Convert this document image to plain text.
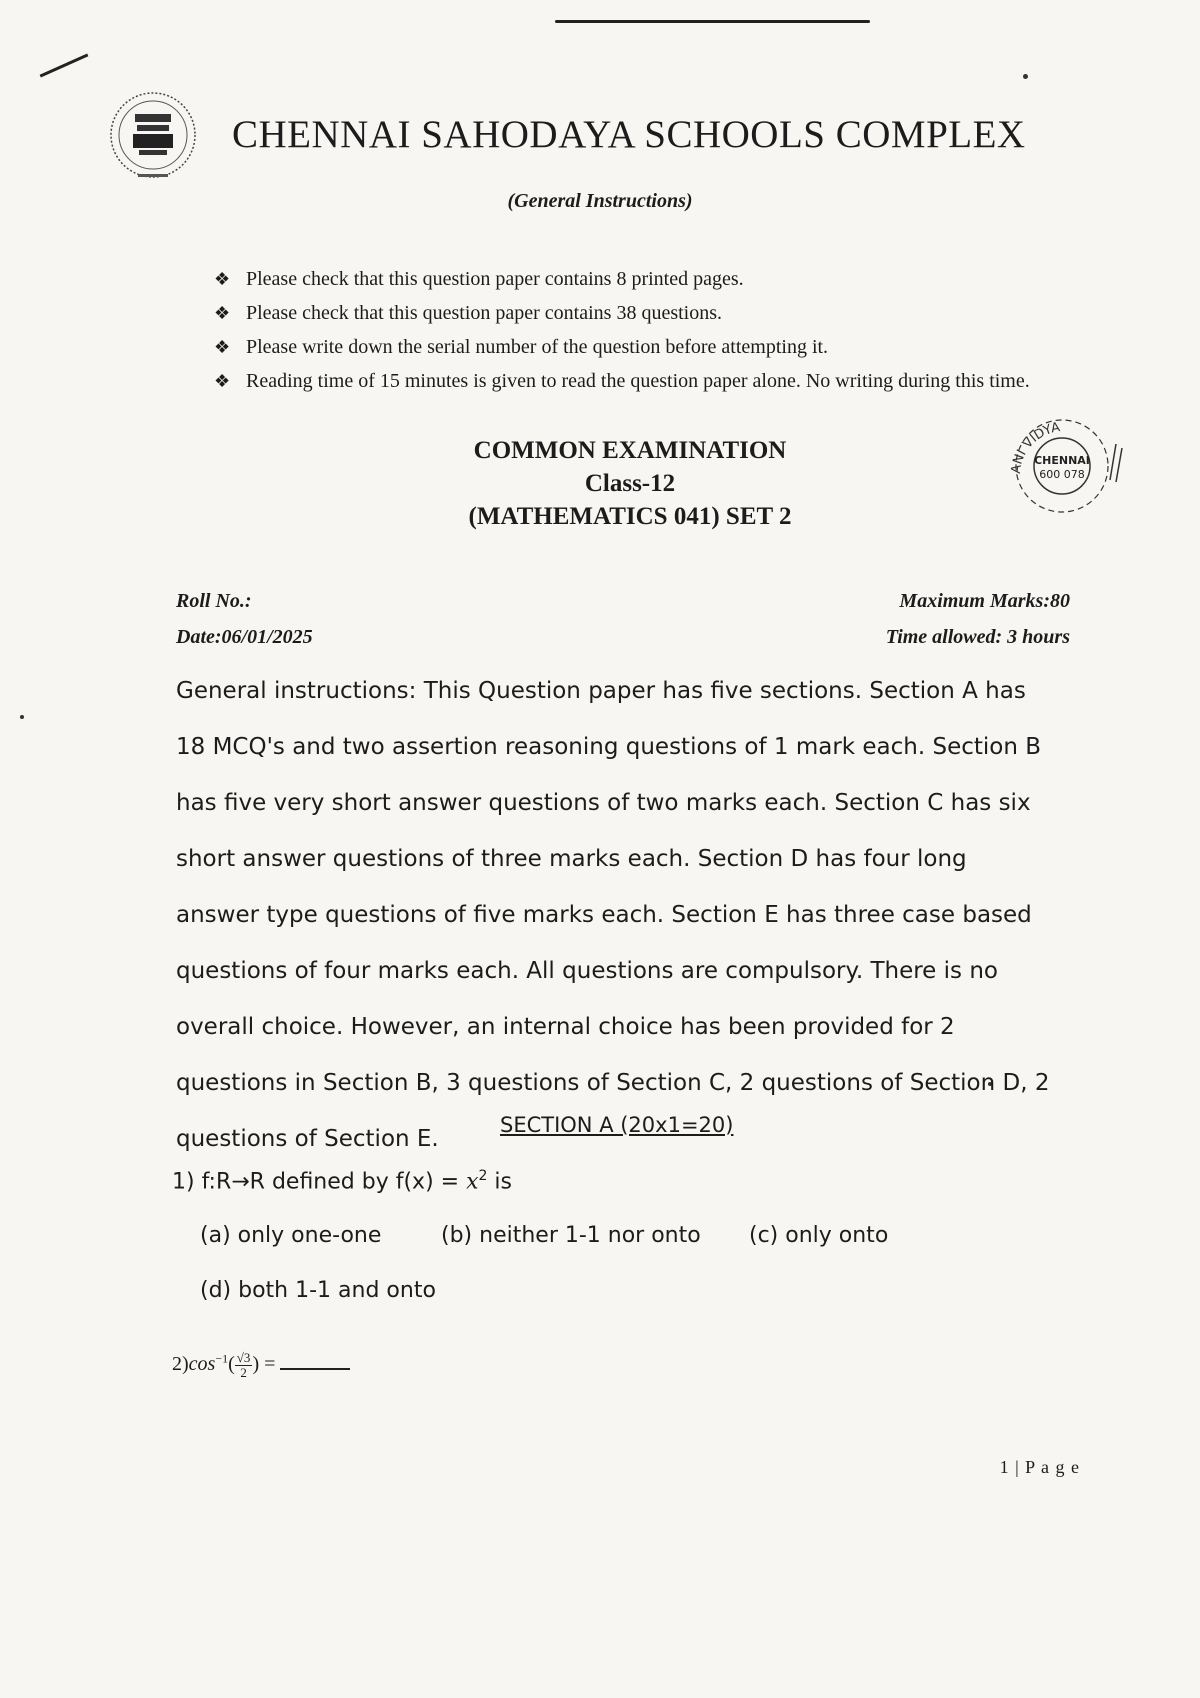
CHENNAI SAHODAYA SCHOOLS COMPLEX
(General Instructions)
❖ Please check that this question paper contains 8 printed pages.
❖ Please check that this question paper contains 38 questions.
❖ Please write down the serial number of the question before attempting it.
❖ Reading time of 15 minutes is given to read the question paper alone. No writing during this time.
COMMON EXAMINATION
Class-12
(MATHEMATICS 041) SET 2
ANI VIDYA
CHENNAI
600 078
Roll No.:
Date:06/01/2025
Maximum Marks:80
Time allowed: 3 hours

General instructions: This Question paper has five sections. Section A has 18 MCQ's and two assertion reasoning questions of 1 mark each. Section B has five very short answer questions of two marks each. Section C has six short answer questions of three marks each. Section D has four long answer type questions of five marks each. Section E has three case based questions of four marks each. All questions are compulsory. There is no overall choice. However, an internal choice has been provided for 2 questions in Section B, 3 questions of Section C, 2 questions of Section D, 2 questions of Section E.

SECTION A (20x1=20)
1) f:R→R defined by $f(x) = x^2$ is
(a) only one-one	(b) neither 1-1 nor onto (c) only onto
(d) both 1-1 and onto
$2)\cos^{-1}( \frac{√3}{2}$ ) =
1 | P a g e
